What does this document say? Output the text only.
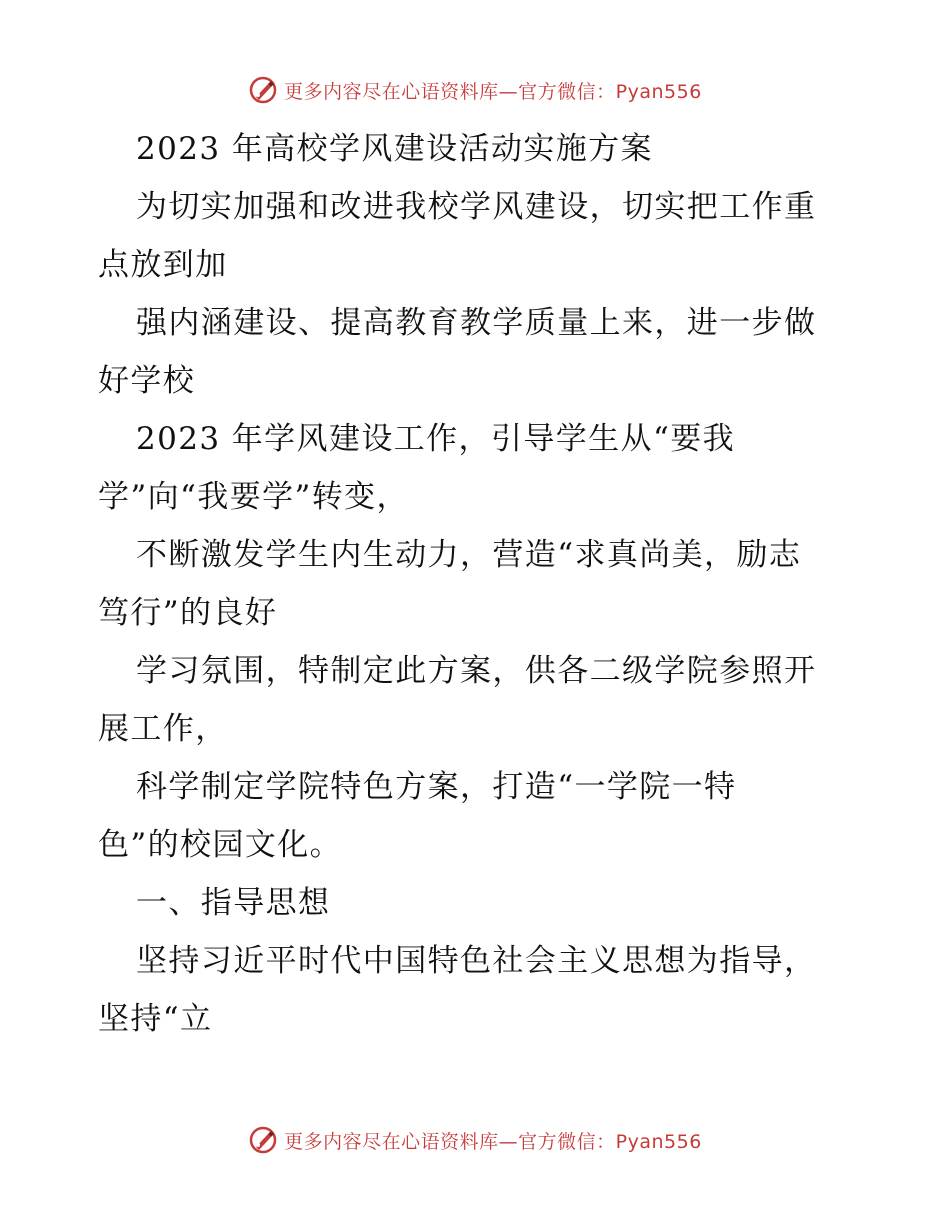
更多内容尽在心语资料库—官方微信：Pyan556
2023 年高校学风建设活动实施方案
为切实加强和改进我校学风建设，切实把工作重
点放到加
强内涵建设、提高教育教学质量上来，进一步做
好学校
2023 年学风建设工作，引导学生从“要我
学”向“我要学”转变，
不断激发学生内生动力，营造“求真尚美，励志
笃行”的良好
学习氛围，特制定此方案，供各二级学院参照开
展工作，
科学制定学院特色方案，打造“一学院一特
色”的校园文化。
一、指导思想
坚持习近平时代中国特色社会主义思想为指导，
坚持“立
更多内容尽在心语资料库—官方微信：Pyan556
